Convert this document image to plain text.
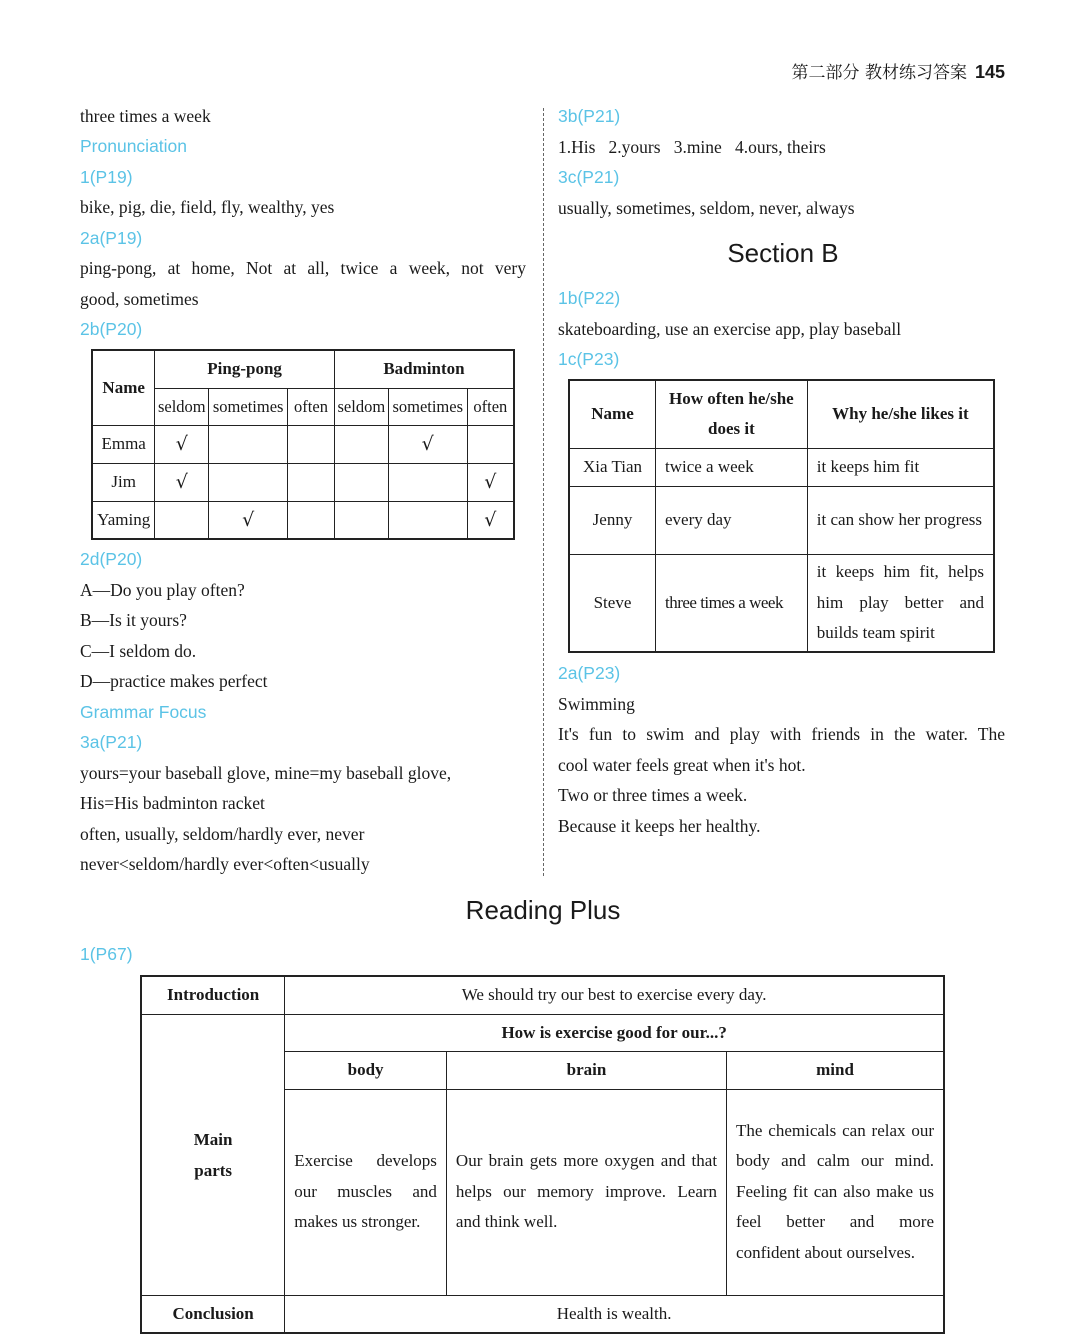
第二部分 教材练习答案 145
three times a week
Pronunciation
1(P19)
bike, pig, die, field, fly, wealthy, yes
2a(P19)
ping-pong, at home, Not at all, twice a week, not very
good, sometimes
2b(P20)
Name	Ping-pong			Badminton		
	seldom	sometimes	often	seldom	sometimes	often
Emma	√				√	
Jim	√					√
Yaming		√				√
2d(P20)
A—Do you play often?
B—Is it yours?
C—I seldom do.
D—practice makes perfect
Grammar Focus
3a(P21)
yours=your baseball glove, mine=my baseball glove,
His=His badminton racket
often, usually, seldom/hardly ever, never
never<seldom/hardly ever<often<usually
3b(P21)
1.His   2.yours   3.mine   4.ours, theirs
3c(P21)
usually, sometimes, seldom, never, always
Section B
1b(P22)
skateboarding, use an exercise app, play baseball
1c(P23)
Name	How often he/she does it	Why he/she likes it
Xia Tian	twice a week	it keeps him fit
Jenny	every day	it can show her progress
Steve	three times a week	it keeps him fit, helps him play better and builds team spirit
2a(P23)
Swimming
It's fun to swim and play with friends in the water. The
cool water feels great when it's hot.
Two or three times a week.
Because it keeps her healthy.
Reading Plus
1(P67)
Introduction	We should try our best to exercise every day.		
Main parts	How is exercise good for our...?		
	body	brain	mind
	Exercise develops our muscles and makes us stronger.	Our brain gets more oxygen and that helps our memory improve. Learn and think well.	The chemicals can relax our body and calm our mind. Feeling fit can also make us feel better and more confident about ourselves.
Conclusion	Health is wealth.		
